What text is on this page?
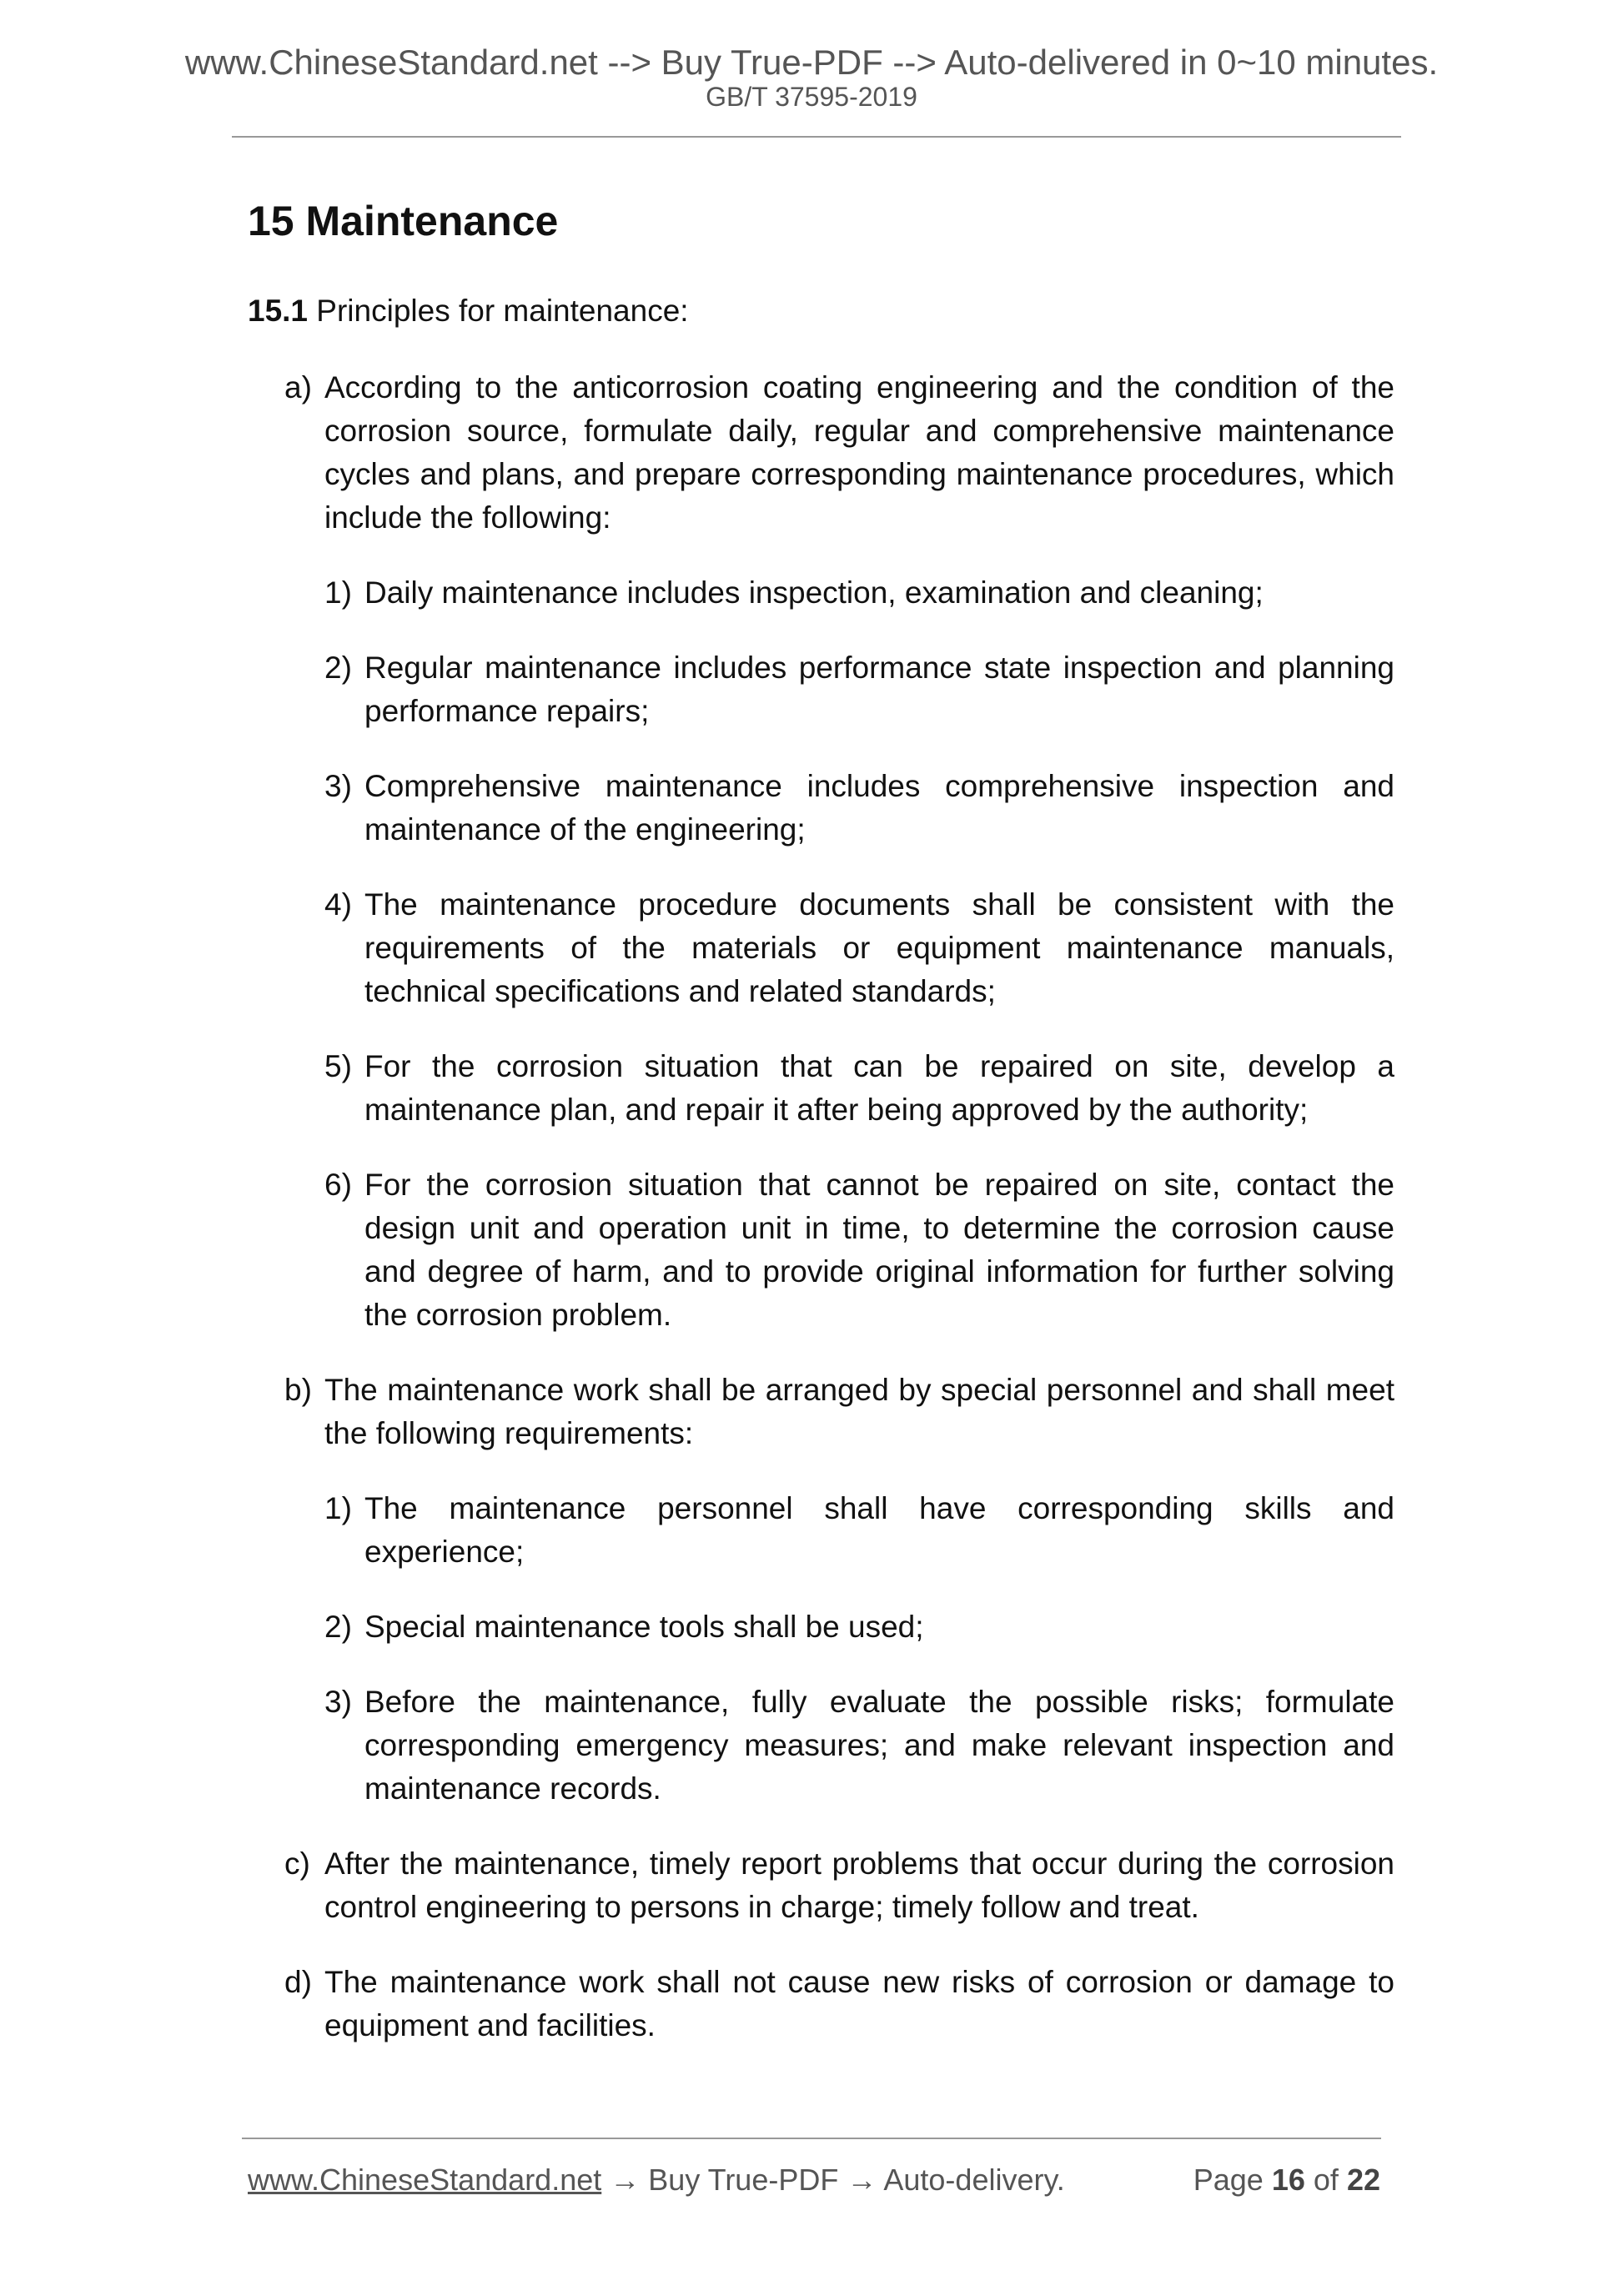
www.ChineseStandard.net --> Buy True-PDF --> Auto-delivered in 0~10 minutes.
GB/T 37595-2019
15 Maintenance
15.1 Principles for maintenance:
a) According to the anticorrosion coating engineering and the condition of the corrosion source, formulate daily, regular and comprehensive maintenance cycles and plans, and prepare corresponding maintenance procedures, which include the following:
1) Daily maintenance includes inspection, examination and cleaning;
2) Regular maintenance includes performance state inspection and planning performance repairs;
3) Comprehensive maintenance includes comprehensive inspection and maintenance of the engineering;
4) The maintenance procedure documents shall be consistent with the requirements of the materials or equipment maintenance manuals, technical specifications and related standards;
5) For the corrosion situation that can be repaired on site, develop a maintenance plan, and repair it after being approved by the authority;
6) For the corrosion situation that cannot be repaired on site, contact the design unit and operation unit in time, to determine the corrosion cause and degree of harm, and to provide original information for further solving the corrosion problem.
b) The maintenance work shall be arranged by special personnel and shall meet the following requirements:
1) The maintenance personnel shall have corresponding skills and experience;
2) Special maintenance tools shall be used;
3) Before the maintenance, fully evaluate the possible risks; formulate corresponding emergency measures; and make relevant inspection and maintenance records.
c) After the maintenance, timely report problems that occur during the corrosion control engineering to persons in charge; timely follow and treat.
d) The maintenance work shall not cause new risks of corrosion or damage to equipment and facilities.
www.ChineseStandard.net → Buy True-PDF → Auto-delivery.	Page 16 of 22
